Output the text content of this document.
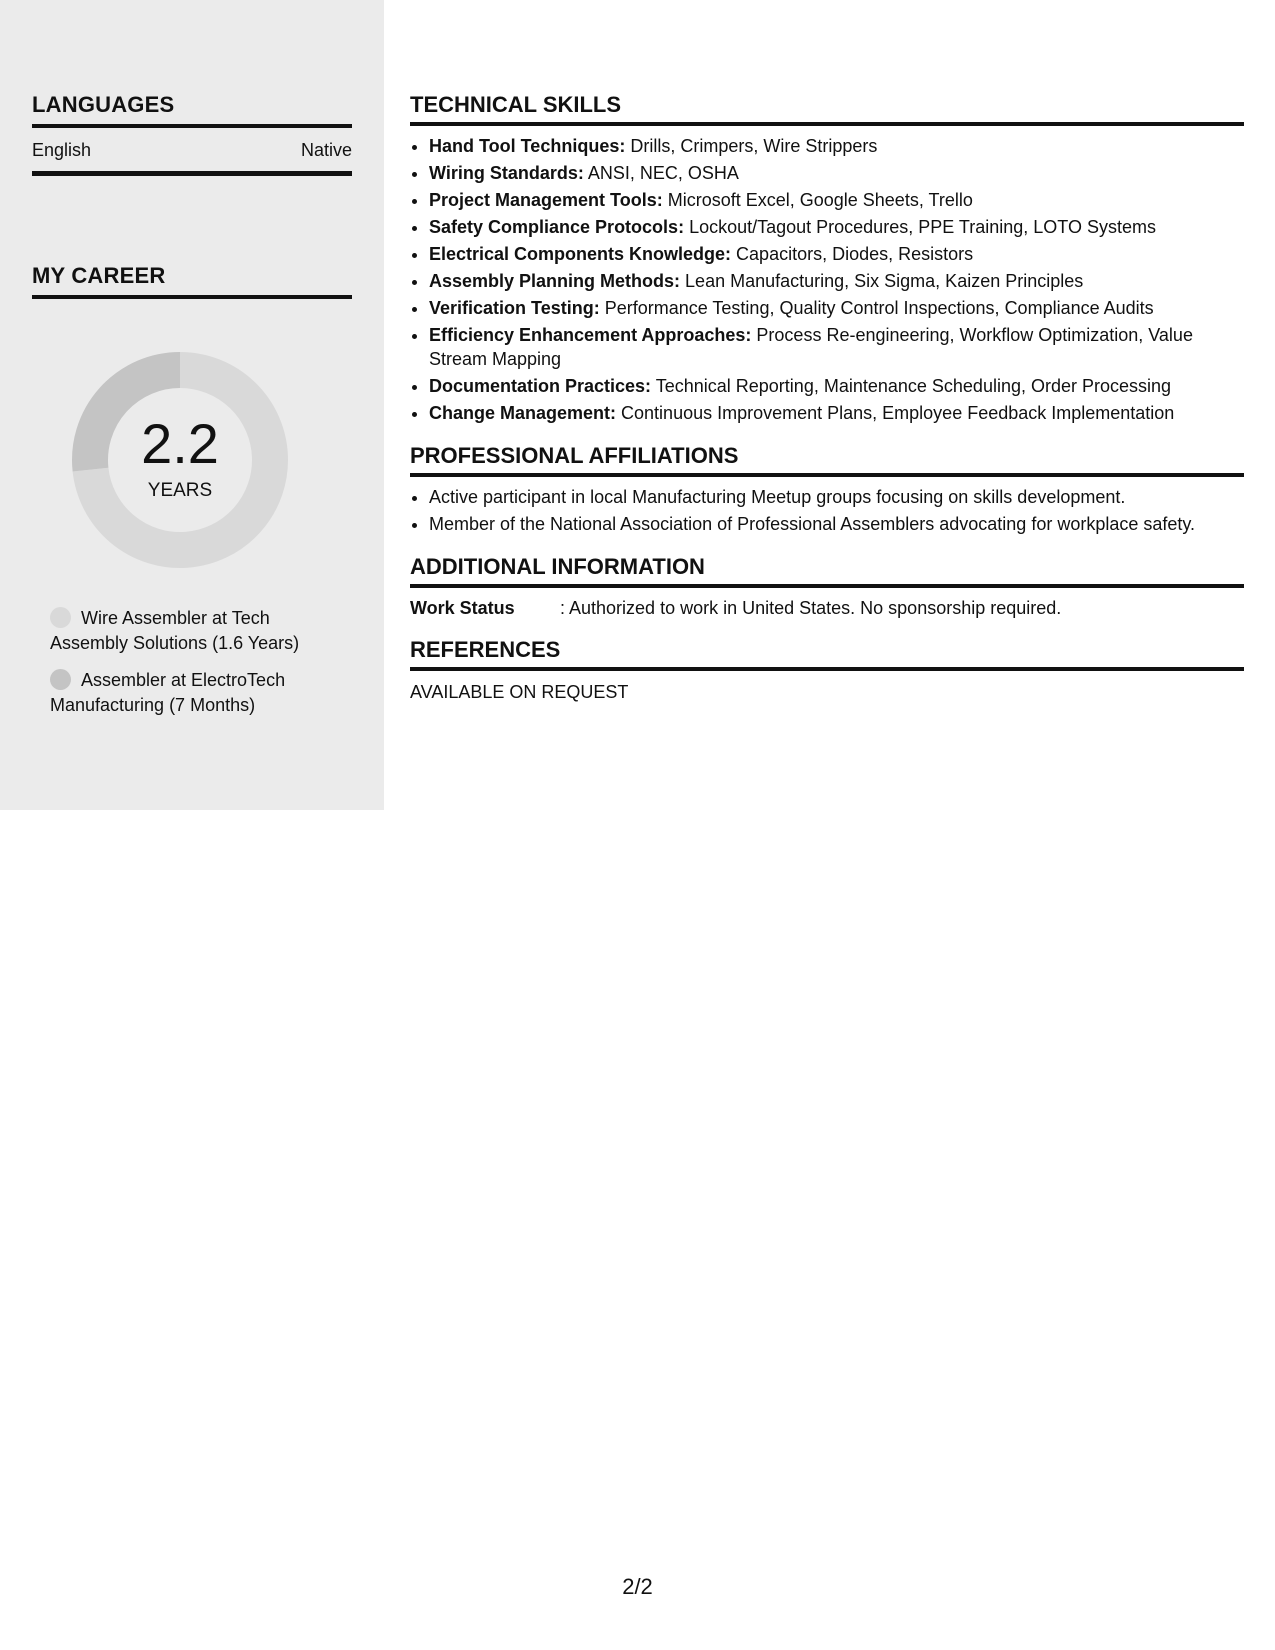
LANGUAGES
English	Native
MY CAREER
2.2
YEARS
Wire Assembler at Tech Assembly Solutions (1.6 Years)
Assembler at ElectroTech Manufacturing (7 Months)
TECHNICAL SKILLS
• Hand Tool Techniques: Drills, Crimpers, Wire Strippers
• Wiring Standards: ANSI, NEC, OSHA
• Project Management Tools: Microsoft Excel, Google Sheets, Trello
• Safety Compliance Protocols: Lockout/Tagout Procedures, PPE Training, LOTO Systems
• Electrical Components Knowledge: Capacitors, Diodes, Resistors
• Assembly Planning Methods: Lean Manufacturing, Six Sigma, Kaizen Principles
• Verification Testing: Performance Testing, Quality Control Inspections, Compliance Audits
• Efficiency Enhancement Approaches: Process Re-engineering, Workflow Optimization, Value Stream Mapping
• Documentation Practices: Technical Reporting, Maintenance Scheduling, Order Processing
• Change Management: Continuous Improvement Plans, Employee Feedback Implementation
PROFESSIONAL AFFILIATIONS
• Active participant in local Manufacturing Meetup groups focusing on skills development.
• Member of the National Association of Professional Assemblers advocating for workplace safety.
ADDITIONAL INFORMATION
Work Status	: Authorized to work in United States. No sponsorship required.
REFERENCES
AVAILABLE ON REQUEST
2/2
